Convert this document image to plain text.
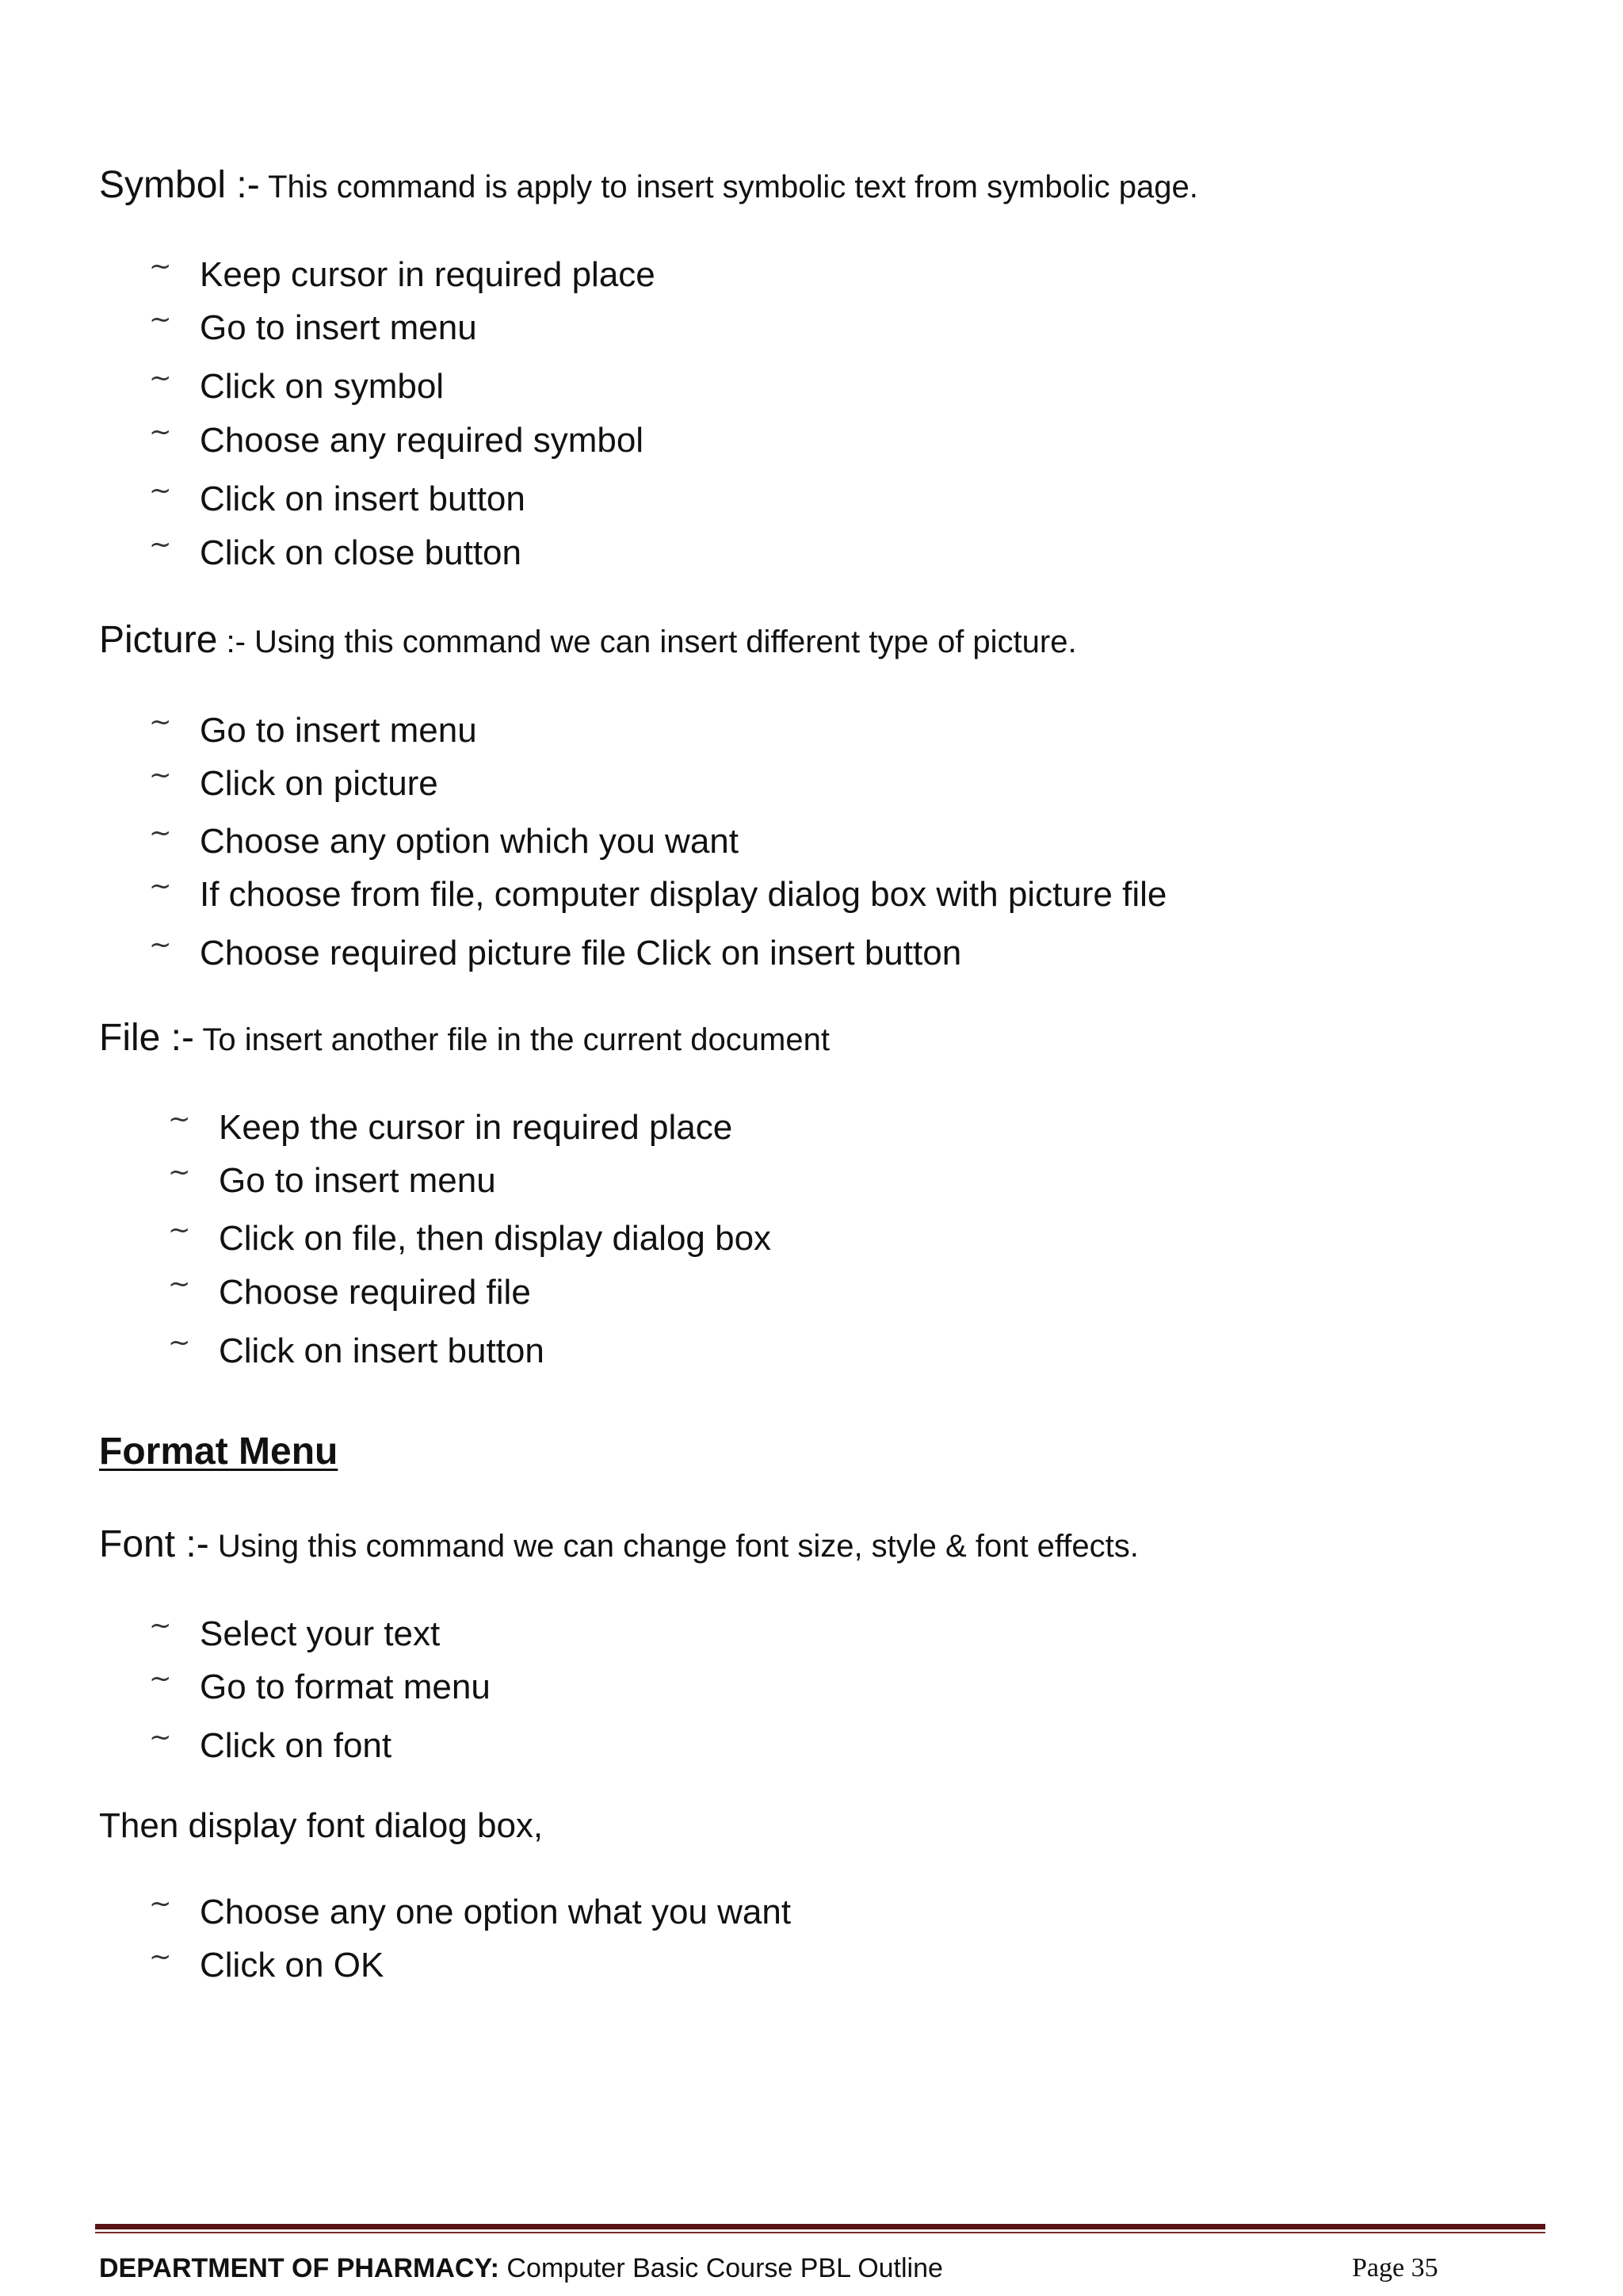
Symbol :- This command is apply to insert symbolic text from symbolic page.
~ Keep cursor in required place
~ Go to insert menu
~ Click on symbol
~ Choose any required symbol
~ Click on insert button
~ Click on close button
Picture :- Using this command we can insert different type of picture.
~ Go to insert menu
~ Click on picture
~ Choose any option which you want
~ If choose from file, computer display dialog box with picture file
~ Choose required picture file Click on insert button
File :- To insert another file in the current document
~ Keep the cursor in required place
~ Go to insert menu
~ Click on file, then display dialog box
~ Choose required file
~ Click on insert button
Format Menu
Font :- Using this command we can change font size, style & font effects.
~ Select your text
~ Go to format menu
~ Click on font
Then display font dialog box,
~ Choose any one option what you want
~ Click on OK
DEPARTMENT OF PHARMACY: Computer Basic Course PBL Outline	Page 35
